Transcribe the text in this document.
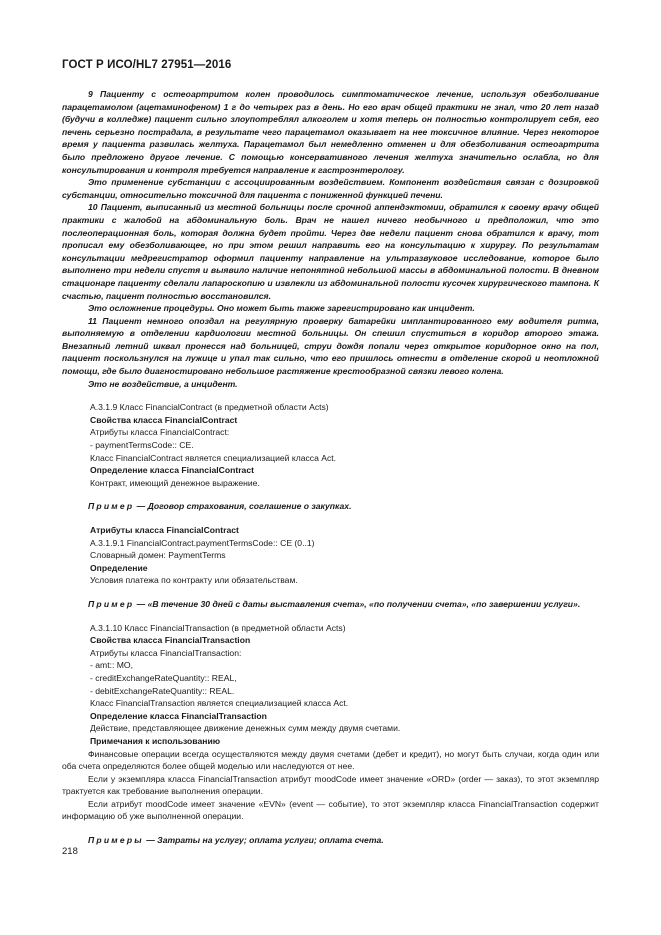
ГОСТ Р ИСО/HL7 27951—2016

9 Пациенту с остеоартритом колен проводилось симптоматическое лечение, используя обезболивание парацетамолом (ацетаминофеном) 1 г до четырех раз в день. Но его врач общей практики не знал, что 20 лет назад (будучи в колледже) пациент сильно злоупотреблял алкоголем и хотя теперь он полностью контролирует себя, его печень серьезно пострадала, в результате чего парацетамол оказывает на нее токсичное влияние. Через некоторое время у пациента развилась желтуха. Парацетамол был немедленно отменен и для обезболивания остеоартрита было предложено другое лечение. С помощью консервативного лечения желтуха значительно ослабла, но для консультирования и контроля требуется направление к гастроэнтерологу.

Это применение субстанции с ассоциированным воздействием. Компонент воздействия связан с дозировкой субстанции, относительно токсичной для пациента с пониженной функцией печени.

10 Пациент, выписанный из местной больницы после срочной аппендэктомии, обратился к своему врачу общей практики с жалобой на абдоминальную боль. Врач не нашел ничего необычного и предположил, что это послеоперационная боль, которая должна будет пройти. Через две недели пациент снова обратился к врачу, тот прописал ему обезболивающее, но при этом решил направить его на консультацию к хирургу. По результатам консультации медрегистратор оформил пациенту направление на ультразвуковое исследование, которое было выполнено три недели спустя и выявило наличие непонятной небольшой массы в абдоминальной полости. В дневном стационаре пациенту сделали лапароскопию и извлекли из абдоминальной полости кусочек хирургического тампона. К счастью, пациент полностью восстановился.

Это осложнение процедуры. Оно может быть также зарегистрировано как инцидент.

11 Пациент немного опоздал на регулярную проверку батарейки имплантированного ему водителя ритма, выполняемую в отделении кардиологии местной больницы. Он спешил спуститься в коридор второго этажа. Внезапный летний шквал пронесся над больницей, струи дождя попали через открытое коридорное окно на пол, пациент поскользнулся на лужице и упал так сильно, что его пришлось отнести в отделение скорой и неотложной помощи, где было диагностировано небольшое растяжение крестообразной связки левого колена.

Это не воздействие, а инцидент.

А.3.1.9 Класс FinancialContract (в предметной области Acts)
Свойства класса FinancialContract
Атрибуты класса FinancialContract:
- paymentTermsCode:: CE.
Класс FinancialContract является специализацией класса Act.
Определение класса FinancialContract
Контракт, имеющий денежное выражение.

Пример — Договор страхования, соглашение о закупках.

Атрибуты класса FinancialContract
А.3.1.9.1 FinancialContract.paymentTermsCode:: CE (0..1)
Словарный домен: PaymentTerms
Определение
Условия платежа по контракту или обязательствам.

Пример — «В течение 30 дней с даты выставления счета», «по получении счета», «по завершении услуги».

А.3.1.10 Класс FinancialTransaction (в предметной области Acts)
Свойства класса FinancialTransaction
Атрибуты класса FinancialTransaction:
- amt:: MO,
- creditExchangeRateQuantity:: REAL,
- debitExchangeRateQuantity:: REAL.
Класс FinancialTransaction является специализацией класса Act.
Определение класса FinancialTransaction
Действие, представляющее движение денежных сумм между двумя счетами.
Примечания к использованию

Финансовые операции всегда осуществляются между двумя счетами (дебет и кредит), но могут быть случаи, когда один или оба счета определяются более общей моделью или наследуются от нее.

Если у экземпляра класса FinancialTransaction атрибут moodCode имеет значение «ORD» (order — заказ), то этот экземпляр трактуется как требование выполнения операции.

Если атрибут moodCode имеет значение «EVN» (event — событие), то этот экземпляр класса FinancialTransaction содержит информацию об уже выполненной операции.

Примеры — Затраты на услугу; оплата услуги; оплата счета.

218
